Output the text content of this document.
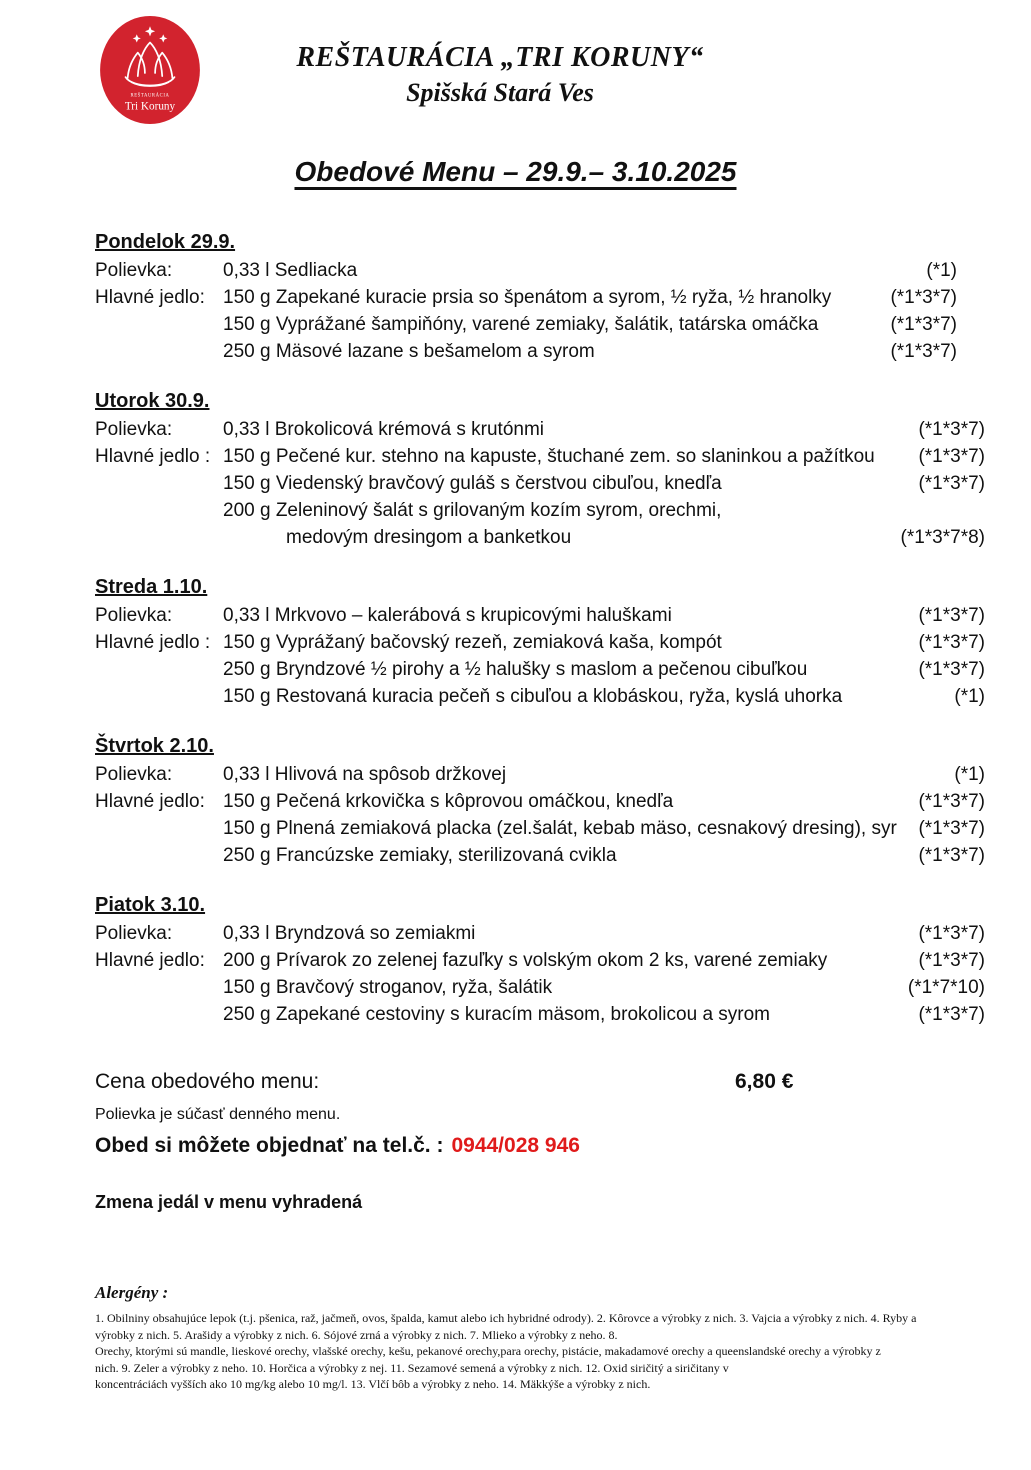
REŠTAURÁCIA
Tri Koruny
REŠTAURÁCIA „TRI KORUNY“
Spišská Stará Ves
Obedové Menu – 29.9.– 3.10.2025
Pondelok 29.9.
Polievka:	0,33 l Sedliacka	(*1)
Hlavné jedlo: 150 g Zapekané kuracie prsia so špenátom a syrom, ½ ryža, ½ hranolky	(*1*3*7)
150 g Vyprážané šampiňóny, varené zemiaky, šalátik, tatárska omáčka	(*1*3*7)
250 g Mäsové lazane s bešamelom a syrom	(*1*3*7)
Utorok 30.9.
Polievka:	0,33 l Brokolicová krémová s krutónmi	(*1*3*7)
Hlavné jedlo : 150 g Pečené kur. stehno na kapuste, štuchané zem. so slaninkou a pažítkou	(*1*3*7)
150 g Viedenský bravčový guláš s čerstvou cibuľou, knedľa	(*1*3*7)
200 g Zeleninový šalát s grilovaným kozím syrom, orechmi,
medovým dresingom a banketkou	(*1*3*7*8)
Streda 1.10.
Polievka:	0,33 l Mrkvovo – kalerábová s krupicovými haluškami	(*1*3*7)
Hlavné jedlo : 150 g Vyprážaný bačovský rezeň, zemiaková kaša, kompót	(*1*3*7)
250 g Bryndzové ½ pirohy a ½ halušky s maslom a pečenou cibuľkou	(*1*3*7)
150 g Restovaná kuracia pečeň s cibuľou a klobáskou, ryža, kyslá uhorka	(*1)
Štvrtok 2.10.
Polievka:	0,33 l Hlivová na spôsob držkovej	(*1)
Hlavné jedlo: 150 g Pečená krkovička s kôprovou omáčkou, knedľa	(*1*3*7)
150 g Plnená zemiaková placka (zel.šalát, kebab mäso, cesnakový dresing), syr	(*1*3*7)
250 g Francúzske zemiaky, sterilizovaná cvikla	(*1*3*7)
Piatok 3.10.
Polievka:	0,33 l Bryndzová so zemiakmi	(*1*3*7)
Hlavné jedlo: 200 g Prívarok zo zelenej fazuľky s volským okom 2 ks, varené zemiaky	(*1*3*7)
150 g Bravčový stroganov, ryža, šalátik	(*1*7*10)
250 g Zapekané cestoviny s kuracím mäsom, brokolicou a syrom	(*1*3*7)
Cena obedového menu:	6,80 €
Polievka je súčasť denného menu.
Obed si môžete objednať na tel.č. : 0944/028 946
Zmena jedál v menu vyhradená
Alergény :
1. Obilniny obsahujúce lepok (t.j. pšenica, raž, jačmeň, ovos, špalda, kamut alebo ich hybridné odrody). 2. Kôrovce a výrobky z nich. 3. Vajcia a výrobky z nich. 4. Ryby a
výrobky z nich. 5. Arašidy a výrobky z nich. 6. Sójové zrná a výrobky z nich. 7. Mlieko a výrobky z neho. 8.
Orechy, ktorými sú mandle, lieskové orechy, vlašské orechy, kešu, pekanové orechy,para orechy, pistácie, makadamové orechy a queenslandské orechy a výrobky z
nich. 9. Zeler a výrobky z neho. 10. Horčica a výrobky z nej. 11. Sezamové semená a výrobky z nich. 12. Oxid siričitý a siričitany v
koncentráciách vyšších ako 10 mg/kg alebo 10 mg/l. 13. Vlčí bôb a výrobky z neho. 14. Mäkkýše a výrobky z nich.
